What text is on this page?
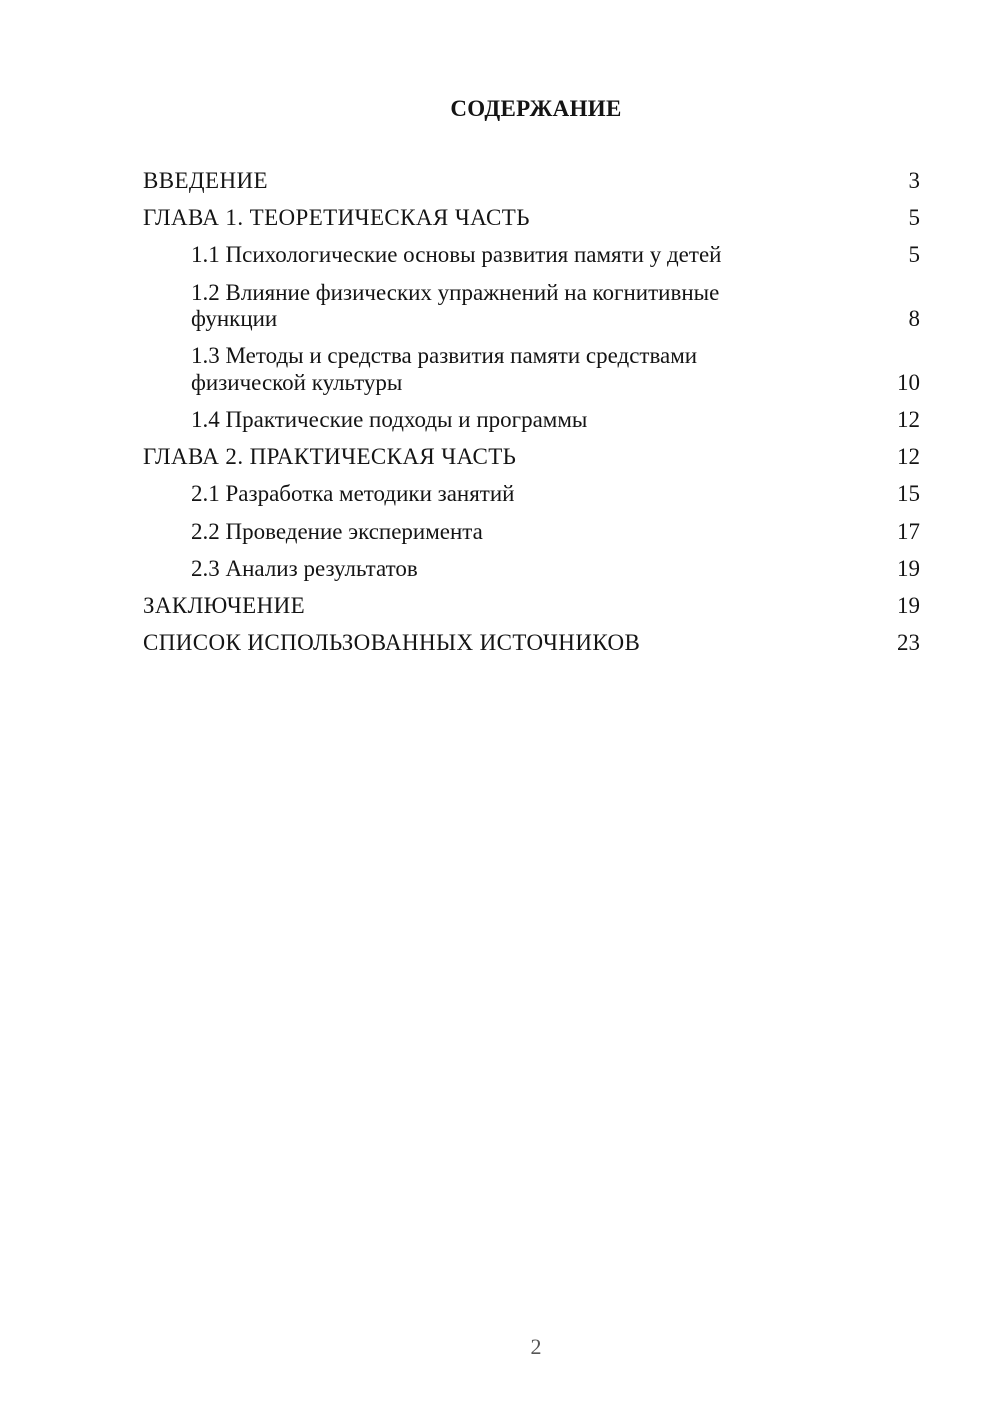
СОДЕРЖАНИЕ
ВВЕДЕНИЕ	3
ГЛАВА 1. ТЕОРЕТИЧЕСКАЯ ЧАСТЬ	5
1.1 Психологические основы развития памяти у детей	5
1.2 Влияние физических упражнений на когнитивные функции	8
1.3 Методы и средства развития памяти средствами физической культуры	10
1.4 Практические подходы и программы	12
ГЛАВА 2. ПРАКТИЧЕСКАЯ ЧАСТЬ	12
2.1 Разработка методики занятий	15
2.2 Проведение эксперимента	17
2.3 Анализ результатов	19
ЗАКЛЮЧЕНИЕ	19
СПИСОК ИСПОЛЬЗОВАННЫХ ИСТОЧНИКОВ	23
2
